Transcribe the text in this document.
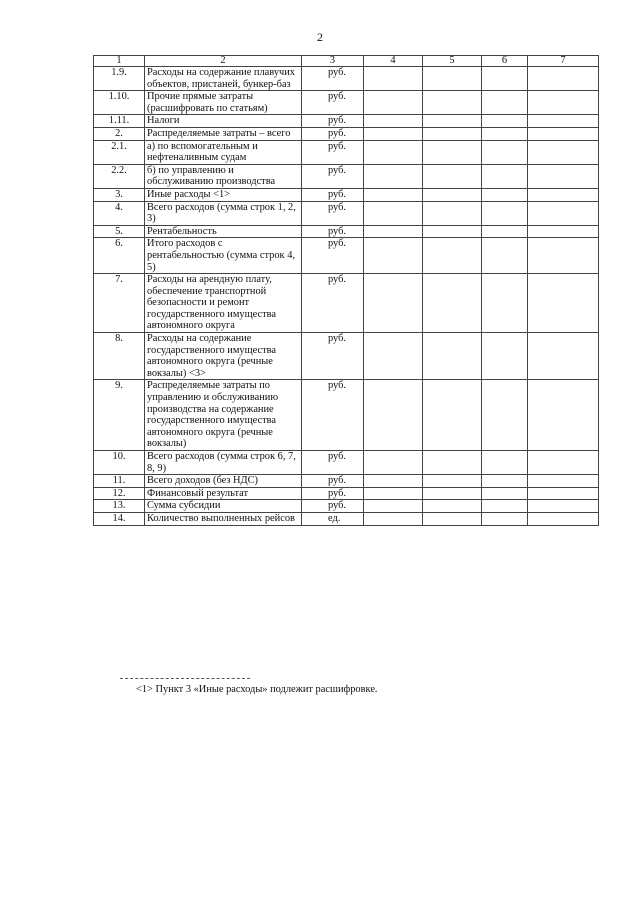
2
1	2	3	4	5	6	7
1.9.	Расходы на содержание плавучих объектов, пристаней, бункер-баз	руб.				
1.10.	Прочие прямые затраты (расшифровать по статьям)	руб.				
1.11.	Налоги	руб.				
2.	Распределяемые затраты – всего	руб.				
2.1.	а) по вспомогательным и нефтеналивным судам	руб.				
2.2.	б) по управлению и обслуживанию производства	руб.				
3.	Иные расходы <1>	руб.				
4.	Всего расходов (сумма строк 1, 2, 3)	руб.				
5.	Рентабельность	руб.				
6.	Итого расходов с рентабельностью (сумма строк 4, 5)	руб.				
7.	Расходы на арендную плату, обеспечение транспортной безопасности и ремонт государственного имущества автономного округа	руб.				
8.	Расходы на содержание государственного имущества автономного округа (речные вокзалы) <3>	руб.				
9.	Распределяемые затраты по управлению и обслуживанию производства на содержание государственного имущества автономного округа (речные вокзалы)	руб.				
10.	Всего расходов (сумма строк 6, 7, 8, 9)	руб.				
11.	Всего доходов (без НДС)	руб.				
12.	Финансовый результат	руб.				
13.	Сумма субсидии	руб.				
14.	Количество выполненных рейсов	ед.				
<1> Пункт 3 «Иные расходы» подлежит расшифровке.
